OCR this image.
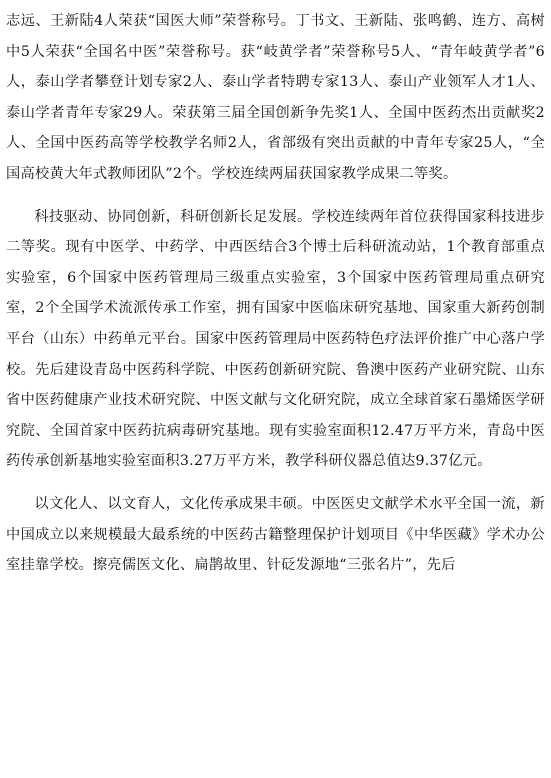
志远、王新陆4人荣获“国医大师”荣誉称号。丁书文、王新陆、张鸣鹤、连方、高树中5人荣获“全国名中医”荣誉称号。获“岐黄学者”荣誉称号5人、“青年岐黄学者”6人，泰山学者攀登计划专家2人、泰山学者特聘专家13人、泰山产业领军人才1人、泰山学者青年专家29人。荣获第三届全国创新争先奖1人、全国中医药杰出贡献奖2人、全国中医药高等学校教学名师2人，省部级有突出贡献的中青年专家25人，“全国高校黄大年式教师团队”2个。学校连续两届获国家教学成果二等奖。

科技驱动、协同创新，科研创新长足发展。学校连续两年首位获得国家科技进步二等奖。现有中医学、中药学、中西医结合3个博士后科研流动站，1个教育部重点实验室，6个国家中医药管理局三级重点实验室，3个国家中医药管理局重点研究室，2个全国学术流派传承工作室，拥有国家中医临床研究基地、国家重大新药创制平台（山东）中药单元平台。国家中医药管理局中医药特色疗法评价推广中心落户学校。先后建设青岛中医药科学院、中医药创新研究院、鲁澳中医药产业研究院、山东省中医药健康产业技术研究院、中医文献与文化研究院，成立全球首家石墨烯医学研究院、全国首家中医药抗病毒研究基地。现有实验室面积12.47万平方米，青岛中医药传承创新基地实验室面积3.27万平方米，教学科研仪器总值达9.37亿元。

以文化人、以文育人，文化传承成果丰硕。中医医史文献学术水平全国一流，新中国成立以来规模最大最系统的中医药古籍整理保护计划项目《中华医藏》学术办公室挂靠学校。擦亮儒医文化、扁鹊故里、针砭发源地“三张名片”，先后
